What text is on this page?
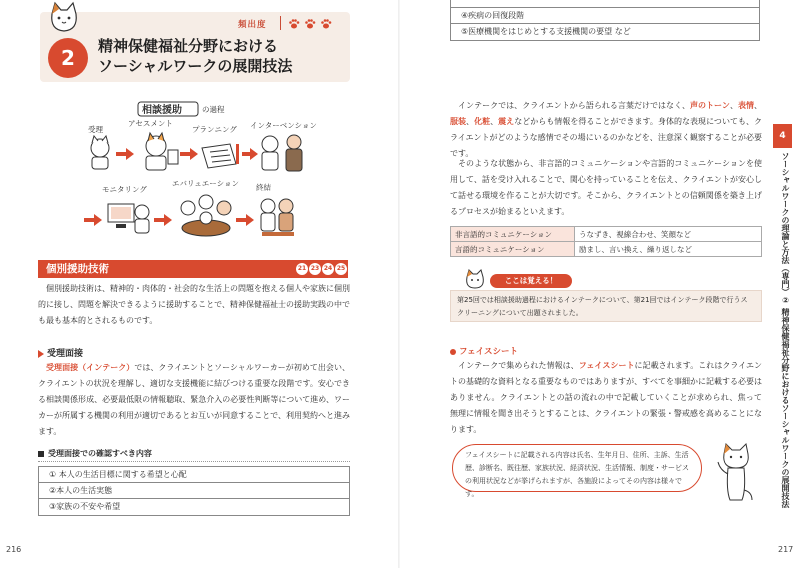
頻出度
2	精神保健福祉分野における
ソーシャルワークの展開技法
相談援助	の過程
受理
アセスメント
プランニング インターベンション
モニタリング
エバリュエーション 終結
個別援助技術	21 23 24 25
個別援助技術は、精神的・肉体的・社会的な生活上の問題を抱える個人や家族に個別的に接し、問題を解決できるように援助することで、精神保健福祉士の援助実践の中でも最も基本的とされるものです。
受理面接
受理面接（インテーク）では、クライエントとソーシャルワーカーが初めて出会い、クライエントの状況を理解し、適切な支援機能に結びつける重要な段階です。安心できる相談関係形成、必要最低限の情報聴取、緊急介入の必要性判断等について進め、ワーカーが所属する機関の利用が適切であるとお互いが同意することで、利用契約へと進みます。
受理面接での確認すべき内容
① 本人の生活目標に関する希望と心配
②本人の生活実態
③家族の不安や希望
216
④疾病の回復段階
⑤医療機関をはじめとする支援機関の要望 など
インテークでは、クライエントから語られる言葉だけではなく、声のトーン、表情、服装、化粧、震えなどからも情報を得ることができます。身体的な表現についても、クライエントがどのような感情でその場にいるのかなどを、注意深く観察することが必要です。
そのような状態から、非言語的コミュニケーションや言語的コミュニケーションを使用して、話を受け入れることで、関心を持っていることを伝え、クライエントが安心して話せる環境を作ることが大切です。そこから、クライエントとの信頼関係を築き上げるプロセスが始まるといえます。
非言語的コミュニケーション	うなずき、視線合わせ、笑顔など
言語的コミュニケーション	励まし、言い換え、繰り返しなど
ここは覚える！
第25回では相談援助過程におけるインテークについて、第21回ではインテーク段階で行うス
クリーニングについて出題されました。
フェイスシート
インテークで集められた情報は、フェイスシートに記載されます。これはクライエントの基礎的な資料となる重要なものではありますが、すべてを事細かに記載する必要はありません。クライエントとの話の流れの中で記載していくことが求められ、焦って無理に情報を聞き出そうとすることは、クライエントの緊張・警戒感を高めることになります。
217
フェイスシートに記載される内容は氏名、生年月日、住所、主訴、生活歴、診断名、既往歴、家族状況、経済状況、生活情報、制度・サービスの利用状況などが挙げられますが、各施設によってその内容は様々です。
4
ソーシャルワークの理論と方法（専門）② 精神保健福祉分野におけるソーシャルワークの展開技法
